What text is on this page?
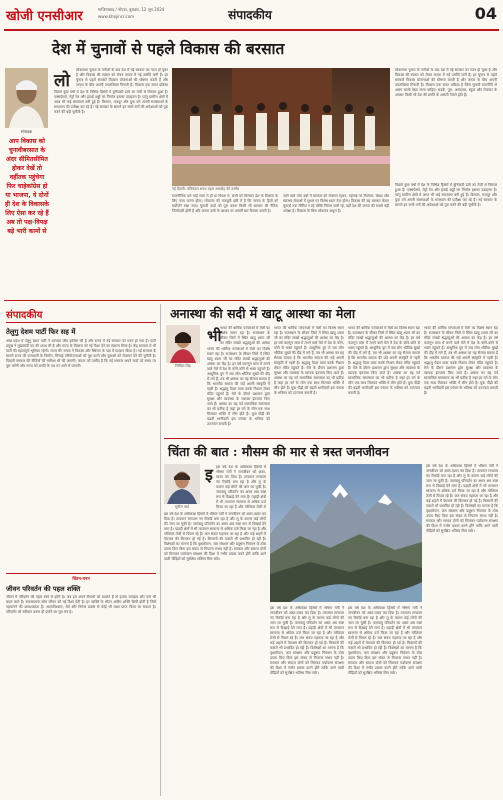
खोजी एनसीआर	गाजियाबाद / नोएडा, बुधवार, 12 जून 2024
www.khojincr.com	संपादकीय	04
देश में चुनावों से पहले विकास की बरसात
संपादक
आप विकास को चुनावीबरसात के अंदर सीमितसीमित होकर देखें तो वहींतक पहुंचेगा फिर चाहेकांग्रेस हो या भाजपा, ये दोनों ही देश के विकासके लिए ऐसा कर रहे हैं अब तो पक्ष-विपक्ष बड़े भारी कामों से
लो
लोकसभा चुनाव के नतीजों के बाद देश में नई सरकार का गठन हो चुका है और विकास की रफ्तार को लेकर जनता में नई उम्मीदें जगी हैं। हर चुनाव से पहले सरकारें विकास योजनाओं की घोषणा करती हैं और जनता के बीच अपनी उपलब्धियां गिनाती हैं। विकास एक सतत प्रक्रिया
पिछले कुछ वर्षों में देश के विभिन्न हिस्सों में बुनियादी ढांचे का तेजी से विस्तार हुआ है। एक्सप्रेसवे, मेट्रो रेल और हवाई अड्डों का निर्माण इसका उदाहरण है। परंतु ग्रामीण क्षेत्रों में आज भी कई समस्याएं बनी हुई हैं। किसान, मजदूर और युवा वर्ग अपनी समस्याओं के समाधान की प्रतीक्षा कर रहे हैं। नई सरकार के सामने इन सभी वर्गों की अपेक्षाओं को पूरा करने की बड़ी चुनौती है।
नई दिल्ली: मंत्रिमंडल शपथ ग्रहण समारोह की तस्वीर
राजनीतिक दल चाहे सत्ता में हों या विपक्ष में, सभी को मिलकर देश के विकास के लिए काम करना होगा। लोकतंत्र की मजबूती इसी में है कि जनता के हितों को सर्वोपरि रखा जाए। चुनावी वादों को पूरा करना किसी भी सरकार की नैतिक जिम्मेदारी होती है और जनता उसी के आधार पर अगली बार फैसला करती है।
आने वाले पांच वर्षों में सरकार को रोजगार सृजन, महंगाई पर नियंत्रण, शिक्षा और स्वास्थ्य सेवाओं में सुधार पर विशेष ध्यान देना होगा। विकास की यह बरसात केवल चुनावों तक सीमित न रहे बल्कि निरंतर जारी रहे, यही देश की जनता की सबसे बड़ी अपेक्षा है। विकास के बिना लोकतंत्र अधूरा है।
लोकसभा चुनाव के नतीजों के बाद देश में नई सरकार का गठन हो चुका है और विकास की रफ्तार को लेकर जनता में नई उम्मीदें जगी हैं। हर चुनाव से पहले सरकारें विकास योजनाओं की घोषणा करती हैं और जनता के बीच अपनी उपलब्धियां गिनाती हैं। विकास एक सतत प्रक्रिया है जिसे चुनावी राजनीति से अलग करके देखा जाना चाहिए। सड़कें, पुल, अस्पताल, स्कूल और रोजगार के अवसर किसी भी देश की प्रगति के असली पैमाने होते हैं।
पिछले कुछ वर्षों में देश के विभिन्न हिस्सों में बुनियादी ढांचे का तेजी से विस्तार हुआ है। एक्सप्रेसवे, मेट्रो रेल और हवाई अड्डों का निर्माण इसका उदाहरण है। परंतु ग्रामीण क्षेत्रों में आज भी कई समस्याएं बनी हुई हैं। किसान, मजदूर और युवा वर्ग अपनी समस्याओं के समाधान की प्रतीक्षा कर रहे हैं। नई सरकार के सामने इन सभी वर्गों की अपेक्षाओं को पूरा करने की बड़ी चुनौती है।
संपादकीय
तेलुगु देशम पार्टी फिर सह में
आंध्र प्रदेश में तेलुगु देशम पार्टी ने शानदार जीत हासिल की है और राज्य में नई सरकार का गठन हो गया है। पार्टी प्रमुख ने मुख्यमंत्री पद की शपथ ली है और राज्य के विकास को नई दिशा देने का संकल्प लिया है। केंद्र सरकार में भी पार्टी की महत्वपूर्ण भूमिका रहेगी। राज्य की जनता ने विकास और स्थिरता के पक्ष में मतदान किया है। नई सरकार के सामने राज्य की राजधानी के निर्माण, सिंचाई परियोजनाओं को पूरा करने और युवाओं को रोजगार देने की चुनौती है। पिछली सरकार की नीतियों की समीक्षा भी की जाएगी। जनता को उम्मीद है कि नई सरकार अपने वादों को समय पर पूरा करेगी और राज्य को प्रगति के पथ पर आगे ले जाएगी।
चिंतन-मनन
जीवन परिवर्तन की पहल शक्ति
जीवन में परिवर्तन की पहल स्वयं से होती है। जब हम अपने विचारों को बदलते हैं तो हमारा व्यवहार और कर्म भी बदल जाते हैं। सकारात्मक सोच जीवन को नई दिशा देती है। हर व्यक्ति के भीतर असीम शक्ति छिपी होती है जिसे पहचानने की आवश्यकता है। आत्मविश्वास, धैर्य और निरंतर प्रयास से कोई भी लक्ष्य प्राप्त किया जा सकता है। परिवर्तन को स्वीकार करना ही प्रगति का मूल मंत्र है।
अनास्था की सदी में खाटू आस्था का मेला
निखिल सिंह
भी
भारत की धार्मिक परंपराओं में मेलों का विशेष स्थान रहा है। राजस्थान के सीकर जिले में स्थित खाटू श्याम जी का मंदिर लाखों श्रद्धालुओं की आस्था
भारत की धार्मिक परंपराओं में मेलों का विशेष स्थान रहा है। राजस्थान के सीकर जिले में स्थित खाटू श्याम जी का मंदिर लाखों श्रद्धालुओं की आस्था का केंद्र है। हर वर्ष फाल्गुन मास में लगने वाले मेले में देश के कोने-कोने से भक्त पहुंचते हैं। आधुनिक युग में जब लोग भौतिक सुखों की दौड़ में लगे हैं, तब भी आस्था का यह सैलाब बताता है कि भारतीय समाज की जड़ें अपनी संस्कृति में गहरी हैं। श्रद्धालु पैदल यात्रा करके निशान लेकर मंदिर पहुंचते हैं। मेले के दौरान प्रशासन द्वारा सुरक्षा और व्यवस्था के व्यापक इंतजाम किए जाते हैं। आस्था का यह पर्व सामाजिक समरसता का भी प्रतीक है जहां हर वर्ग के लोग एक साथ मिलकर भक्ति में लीन होते हैं। युवा पीढ़ी की बढ़ती भागीदारी इस परंपरा के भविष्य को उज्ज्वल बनाती है।
भारत की धार्मिक परंपराओं में मेलों का विशेष स्थान रहा है। राजस्थान के सीकर जिले में स्थित खाटू श्याम जी का मंदिर लाखों श्रद्धालुओं की आस्था का केंद्र है। हर वर्ष फाल्गुन मास में लगने वाले मेले में देश के कोने-कोने से भक्त पहुंचते हैं। आधुनिक युग में जब लोग भौतिक सुखों की दौड़ में लगे हैं, तब भी आस्था का यह सैलाब बताता है कि भारतीय समाज की जड़ें अपनी संस्कृति में गहरी हैं। श्रद्धालु पैदल यात्रा करके निशान लेकर मंदिर पहुंचते हैं। मेले के दौरान प्रशासन द्वारा सुरक्षा और व्यवस्था के व्यापक इंतजाम किए जाते हैं। आस्था का यह पर्व सामाजिक समरसता का भी प्रतीक है जहां हर वर्ग के लोग एक साथ मिलकर भक्ति में लीन होते हैं। युवा पीढ़ी की बढ़ती भागीदारी इस परंपरा के भविष्य को उज्ज्वल बनाती है।
भारत की धार्मिक परंपराओं में मेलों का विशेष स्थान रहा है। राजस्थान के सीकर जिले में स्थित खाटू श्याम जी का मंदिर लाखों श्रद्धालुओं की आस्था का केंद्र है। हर वर्ष फाल्गुन मास में लगने वाले मेले में देश के कोने-कोने से भक्त पहुंचते हैं। आधुनिक युग में जब लोग भौतिक सुखों की दौड़ में लगे हैं, तब भी आस्था का यह सैलाब बताता है कि भारतीय समाज की जड़ें अपनी संस्कृति में गहरी हैं। श्रद्धालु पैदल यात्रा करके निशान लेकर मंदिर पहुंचते हैं। मेले के दौरान प्रशासन द्वारा सुरक्षा और व्यवस्था के व्यापक इंतजाम किए जाते हैं। आस्था का यह पर्व सामाजिक समरसता का भी प्रतीक है जहां हर वर्ग के लोग एक साथ मिलकर भक्ति में लीन होते हैं। युवा पीढ़ी की बढ़ती भागीदारी इस परंपरा के भविष्य को उज्ज्वल बनाती है।
भारत की धार्मिक परंपराओं में मेलों का विशेष स्थान रहा है। राजस्थान के सीकर जिले में स्थित खाटू श्याम जी का मंदिर लाखों श्रद्धालुओं की आस्था का केंद्र है। हर वर्ष फाल्गुन मास में लगने वाले मेले में देश के कोने-कोने से भक्त पहुंचते हैं। आधुनिक युग में जब लोग भौतिक सुखों की दौड़ में लगे हैं, तब भी आस्था का यह सैलाब बताता है कि भारतीय समाज की जड़ें अपनी संस्कृति में गहरी हैं। श्रद्धालु पैदल यात्रा करके निशान लेकर मंदिर पहुंचते हैं। मेले के दौरान प्रशासन द्वारा सुरक्षा और व्यवस्था के व्यापक इंतजाम किए जाते हैं। आस्था का यह पर्व सामाजिक समरसता का भी प्रतीक है जहां हर वर्ग के लोग एक साथ मिलकर भक्ति में लीन होते हैं। युवा पीढ़ी की बढ़ती भागीदारी इस परंपरा के भविष्य को उज्ज्वल बनाती है।
चिंता की बात : मौसम की मार से त्रस्त जनजीवन
सुनील वर्मा
इ इस वर्ष देश के अधिकांश हिस्सों में भीषण गर्मी ने जनजीवन को अस्त-व्यस्त कर दिया है। तापमान लगातार नए रिकॉर्ड बना रहा है और लू के कारण कई लोगों की जान जा चुकी है। जलवायु परिवर्तन का असर अब स्पष्ट रूप से दिखाई देने लगा है। पहाड़ी क्षेत्रों में भी तापमान सामान्य से अधिक दर्ज किया जा रहा है और ग्लेशियर तेजी से
इस वर्ष देश के अधिकांश हिस्सों में भीषण गर्मी ने जनजीवन को अस्त-व्यस्त कर दिया है। तापमान लगातार नए रिकॉर्ड बना रहा है और लू के कारण कई लोगों की जान जा चुकी है। जलवायु परिवर्तन का असर अब स्पष्ट रूप से दिखाई देने लगा है। पहाड़ी क्षेत्रों में भी तापमान सामान्य से अधिक दर्ज किया जा रहा है और ग्लेशियर तेजी से पिघल रहे हैं। जल संकट गहराता जा रहा है और कई शहरों में पेयजल की किल्लत हो गई है। किसानों की फसलें भी प्रभावित हो रही हैं। विशेषज्ञों का मानना है कि वृक्षारोपण, जल संरक्षण और प्रदूषण नियंत्रण के ठोस उपाय किए बिना इस संकट से निपटना संभव नहीं है। सरकार और समाज दोनों को मिलकर पर्यावरण संरक्षण की दिशा में गंभीर प्रयास करने होंगे ताकि आने वाली पीढ़ियों को सुरक्षित भविष्य मिल सके।
इस वर्ष देश के अधिकांश हिस्सों में भीषण गर्मी ने जनजीवन को अस्त-व्यस्त कर दिया है। तापमान लगातार नए रिकॉर्ड बना रहा है और लू के कारण कई लोगों की जान जा चुकी है। जलवायु परिवर्तन का असर अब स्पष्ट रूप से दिखाई देने लगा है। पहाड़ी क्षेत्रों में भी तापमान सामान्य से अधिक दर्ज किया जा रहा है और ग्लेशियर तेजी से पिघल रहे हैं। जल संकट गहराता जा रहा है और कई शहरों में पेयजल की किल्लत हो गई है। किसानों की फसलें भी प्रभावित हो रही हैं। विशेषज्ञों का मानना है कि वृक्षारोपण, जल संरक्षण और प्रदूषण नियंत्रण के ठोस उपाय किए बिना इस संकट से निपटना संभव नहीं है। सरकार और समाज दोनों को मिलकर पर्यावरण संरक्षण की दिशा में गंभीर प्रयास करने होंगे ताकि आने वाली पीढ़ियों को सुरक्षित भविष्य मिल सके।
इस वर्ष देश के अधिकांश हिस्सों में भीषण गर्मी ने जनजीवन को अस्त-व्यस्त कर दिया है। तापमान लगातार नए रिकॉर्ड बना रहा है और लू के कारण कई लोगों की जान जा चुकी है। जलवायु परिवर्तन का असर अब स्पष्ट रूप से दिखाई देने लगा है। पहाड़ी क्षेत्रों में भी तापमान सामान्य से अधिक दर्ज किया जा रहा है और ग्लेशियर तेजी से पिघल रहे हैं। जल संकट गहराता जा रहा है और कई शहरों में पेयजल की किल्लत हो गई है। किसानों की फसलें भी प्रभावित हो रही हैं। विशेषज्ञों का मानना है कि वृक्षारोपण, जल संरक्षण और प्रदूषण नियंत्रण के ठोस उपाय किए बिना इस संकट से निपटना संभव नहीं है। सरकार और समाज दोनों को मिलकर पर्यावरण संरक्षण की दिशा में गंभीर प्रयास करने होंगे ताकि आने वाली पीढ़ियों को सुरक्षित भविष्य मिल सके।
इस वर्ष देश के अधिकांश हिस्सों में भीषण गर्मी ने जनजीवन को अस्त-व्यस्त कर दिया है। तापमान लगातार नए रिकॉर्ड बना रहा है और लू के कारण कई लोगों की जान जा चुकी है। जलवायु परिवर्तन का असर अब स्पष्ट रूप से दिखाई देने लगा है। पहाड़ी क्षेत्रों में भी तापमान सामान्य से अधिक दर्ज किया जा रहा है और ग्लेशियर तेजी से पिघल रहे हैं। जल संकट गहराता जा रहा है और कई शहरों में पेयजल की किल्लत हो गई है। किसानों की फसलें भी प्रभावित हो रही हैं। विशेषज्ञों का मानना है कि वृक्षारोपण, जल संरक्षण और प्रदूषण नियंत्रण के ठोस उपाय किए बिना इस संकट से निपटना संभव नहीं है। सरकार और समाज दोनों को मिलकर पर्यावरण संरक्षण की दिशा में गंभीर प्रयास करने होंगे ताकि आने वाली पीढ़ियों को सुरक्षित भविष्य मिल सके।
